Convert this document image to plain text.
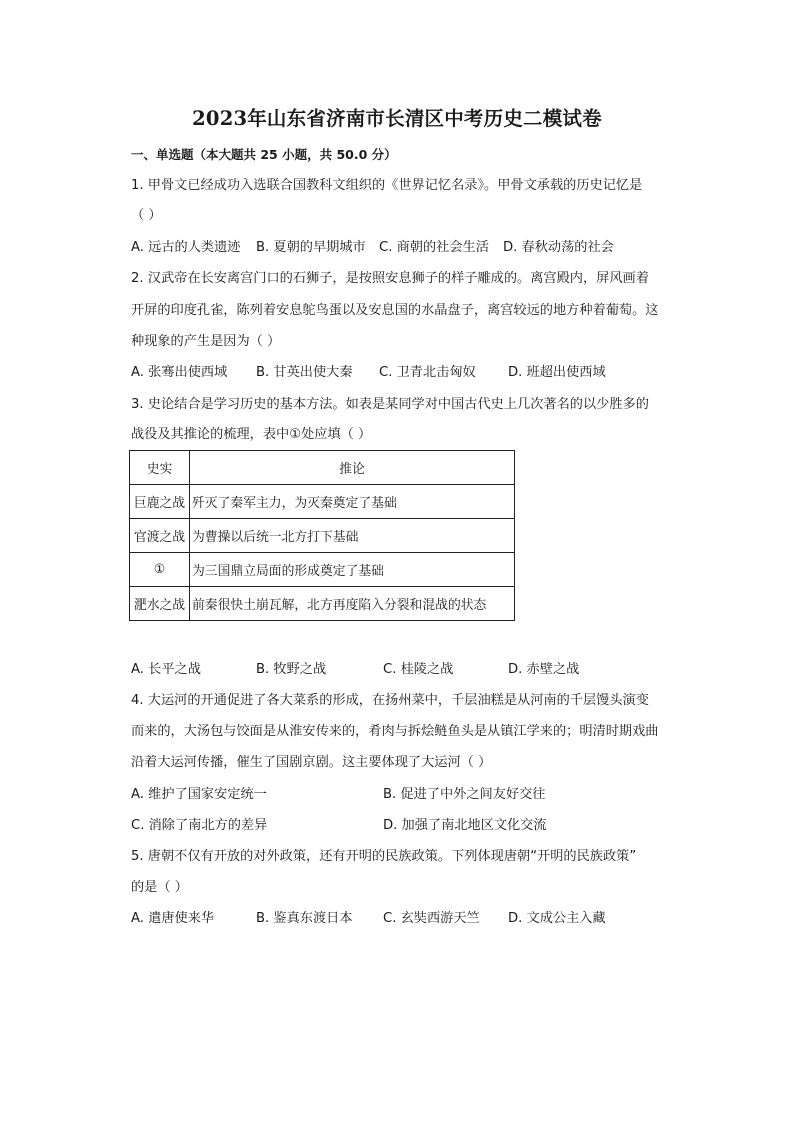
2023年山东省济南市长清区中考历史二模试卷
一、单选题（本大题共 25 小题，共 50.0 分）
1. 甲骨文已经成功入选联合国教科文组织的《世界记忆名录》。甲骨文承载的历史记忆是
（ ）
A. 远古的人类遗迹 B. 夏朝的早期城市 C. 商朝的社会生活 D. 春秋动荡的社会
2. 汉武帝在长安离宫门口的石狮子，是按照安息狮子的样子雕成的。离宫殿内，屏风画着
开屏的印度孔雀，陈列着安息鸵鸟蛋以及安息国的水晶盘子，离宫较远的地方种着葡萄。这
种现象的产生是因为（ ）
A. 张骞出使西域 B. 甘英出使大秦 C. 卫青北击匈奴 D. 班超出使西域
3. 史论结合是学习历史的基本方法。如表是某同学对中国古代史上几次著名的以少胜多的
战役及其推论的梳理，表中①处应填（ ）
史实	推论
巨鹿之战	歼灭了秦军主力，为灭秦奠定了基础
官渡之战	为曹操以后统一北方打下基础
①	为三国鼎立局面的形成奠定了基础
淝水之战	前秦很快土崩瓦解，北方再度陷入分裂和混战的状态
A. 长平之战	B. 牧野之战	C. 桂陵之战	D. 赤壁之战
4. 大运河的开通促进了各大菜系的形成，在扬州菜中，千层油糕是从河南的千层馒头演变
而来的，大汤包与饺面是从淮安传来的，肴肉与拆烩鲢鱼头是从镇江学来的；明清时期戏曲
沿着大运河传播，催生了国剧京剧。这主要体现了大运河（ ）
A. 维护了国家安定统一	B. 促进了中外之间友好交往
C. 消除了南北方的差异	D. 加强了南北地区文化交流
5. 唐朝不仅有开放的对外政策，还有开明的民族政策。下列体现唐朝“开明的民族政策”
的是（ ）
A. 遣唐使来华	B. 鉴真东渡日本 C. 玄奘西游天竺 D. 文成公主入藏
